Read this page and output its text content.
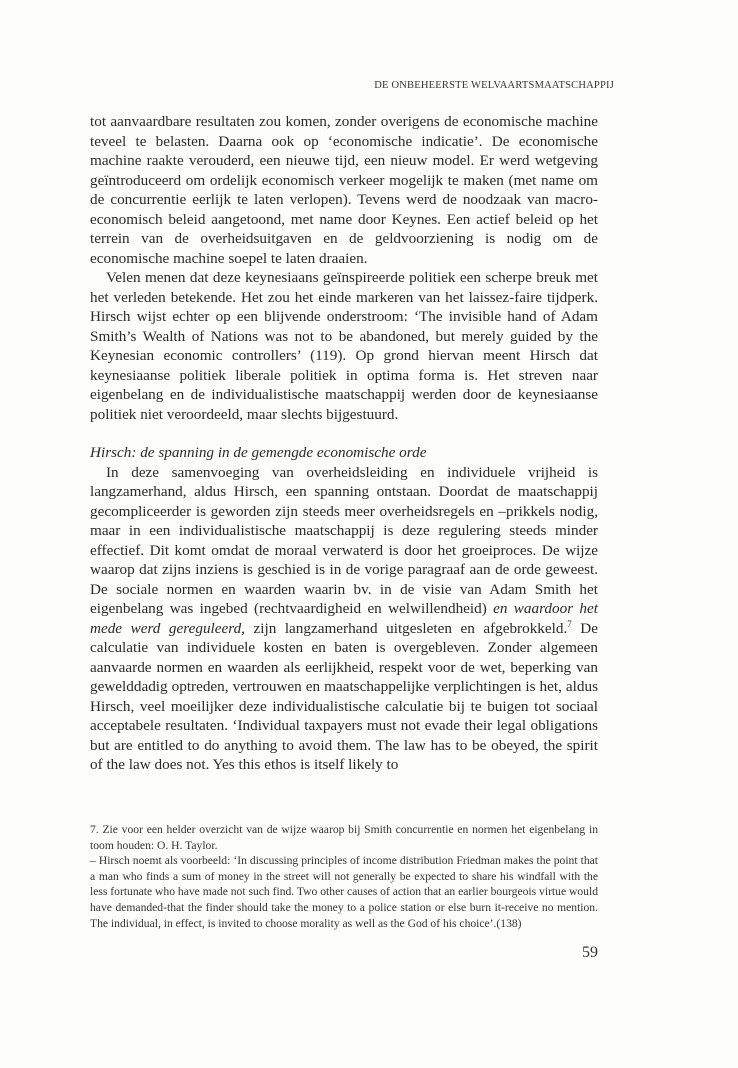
DE ONBEHEERSTE WELVAARTSMAATSCHAPPIJ

tot aanvaardbare resultaten zou komen, zonder overigens de economische machine teveel te belasten. Daarna ook op ‘economische indicatie’. De economische machine raakte verouderd, een nieuwe tijd, een nieuw model. Er werd wetgeving geïntroduceerd om ordelijk economisch verkeer mogelijk te maken (met name om de concurrentie eerlijk te laten verlopen). Tevens werd de noodzaak van macro-economisch beleid aangetoond, met name door Keynes. Een actief beleid op het terrein van de overheidsuitgaven en de geldvoorziening is nodig om de economische machine soepel te laten draaien.

Velen menen dat deze keynesiaans geïnspireerde politiek een scherpe breuk met het verleden betekende. Het zou het einde markeren van het laissez-faire tijdperk. Hirsch wijst echter op een blijvende onderstroom: ‘The invisible hand of Adam Smith’s Wealth of Nations was not to be abandoned, but merely guided by the Keynesian economic controllers’ (119). Op grond hiervan meent Hirsch dat keynesiaanse politiek liberale politiek in optima forma is. Het streven naar eigenbelang en de individualistische maatschappij werden door de keynesiaanse politiek niet veroordeeld, maar slechts bijgestuurd.

Hirsch: de spanning in de gemengde economische orde

In deze samenvoeging van overheidsleiding en individuele vrijheid is langzamerhand, aldus Hirsch, een spanning ontstaan. Doordat de maatschappij gecompliceerder is geworden zijn steeds meer overheidsregels en –prikkels nodig, maar in een individualistische maatschappij is deze regulering steeds minder effectief. Dit komt omdat de moraal verwaterd is door het groeiproces. De wijze waarop dat zijns inziens is geschied is in de vorige paragraaf aan de orde geweest. De sociale normen en waarden waarin bv. in de visie van Adam Smith het eigenbelang was ingebed (rechtvaardigheid en welwillendheid) en waardoor het mede werd gereguleerd, zijn langzamerhand uitgesleten en afgebrokkeld.$^7$ De calculatie van individuele kosten en baten is overgebleven. Zonder algemeen aanvaarde normen en waarden als eerlijkheid, respekt voor de wet, beperking van gewelddadig optreden, vertrouwen en maatschappelijke verplichtingen is het, aldus Hirsch, veel moeilijker deze individualistische calculatie bij te buigen tot sociaal acceptabele resultaten. ‘Individual taxpayers must not evade their legal obligations but are entitled to do anything to avoid them. The law has to be obeyed, the spirit of the law does not. Yes this ethos is itself likely to

7. Zie voor een helder overzicht van de wijze waarop bij Smith concurrentie en normen het eigenbelang in toom houden: O. H. Taylor.

– Hirsch noemt als voorbeeld: ‘In discussing principles of income distribution Friedman makes the point that a man who finds a sum of money in the street will not generally be expected to share his windfall with the less fortunate who have made not such find. Two other causes of action that an earlier bourgeois virtue would have demanded-that the finder should take the money to a police station or else burn it-receive no mention. The individual, in effect, is invited to choose morality as well as the God of his choice’.(138)

59
